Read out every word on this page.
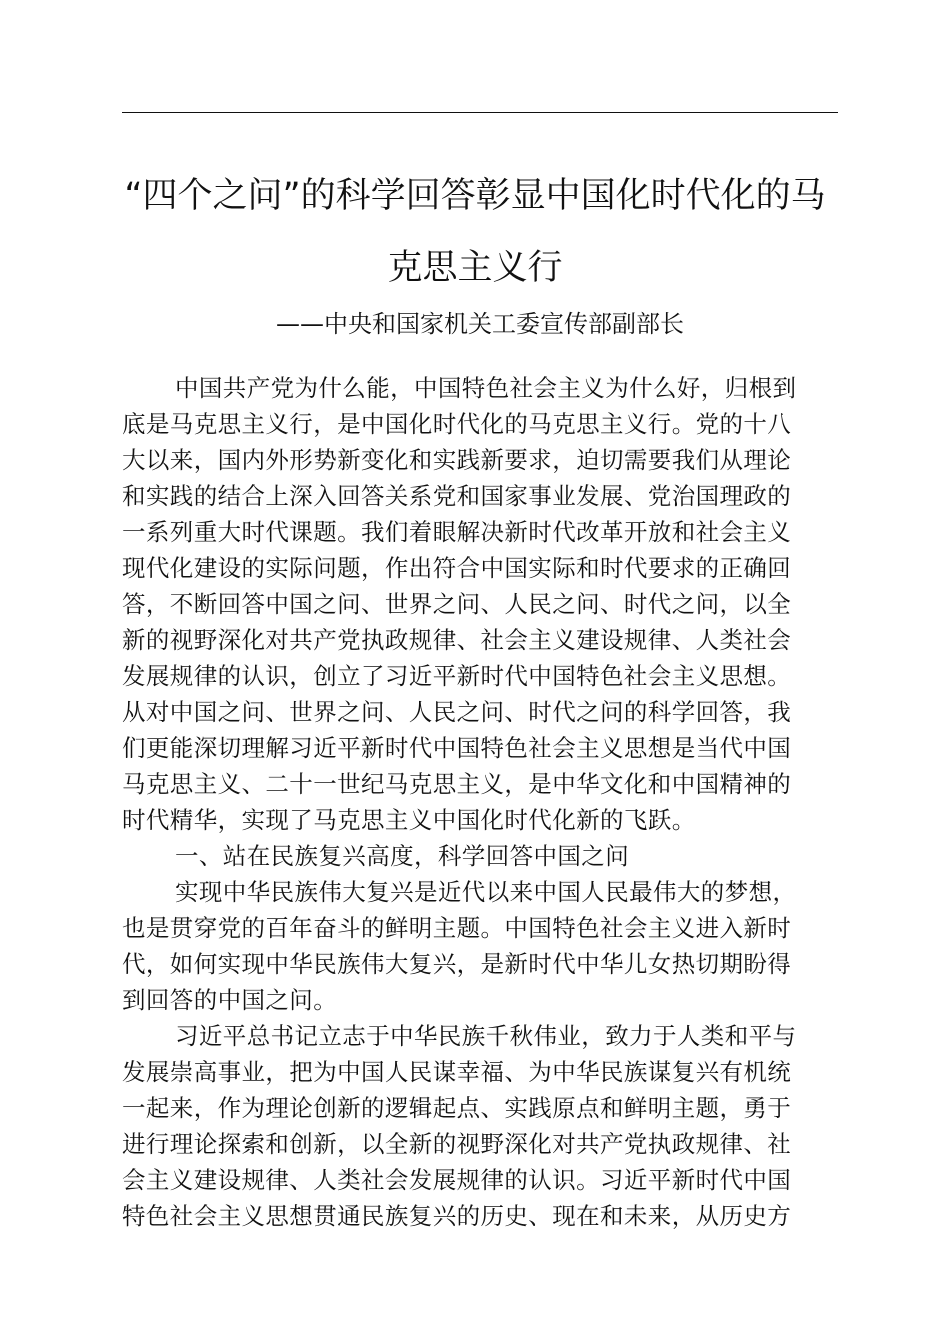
“四个之问”的科学回答彰显中国化时代化的马
克思主义行
——中央和国家机关工委宣传部副部长
中国共产党为什么能，中国特色社会主义为什么好，归根到
底是马克思主义行，是中国化时代化的马克思主义行。党的十八
大以来，国内外形势新变化和实践新要求，迫切需要我们从理论
和实践的结合上深入回答关系党和国家事业发展、党治国理政的
一系列重大时代课题。我们着眼解决新时代改革开放和社会主义
现代化建设的实际问题，作出符合中国实际和时代要求的正确回
答，不断回答中国之问、世界之问、人民之问、时代之问，以全
新的视野深化对共产党执政规律、社会主义建设规律、人类社会
发展规律的认识，创立了习近平新时代中国特色社会主义思想。
从对中国之问、世界之问、人民之问、时代之问的科学回答，我
们更能深切理解习近平新时代中国特色社会主义思想是当代中国
马克思主义、二十一世纪马克思主义，是中华文化和中国精神的
时代精华，实现了马克思主义中国化时代化新的飞跃。
一、站在民族复兴高度，科学回答中国之问
实现中华民族伟大复兴是近代以来中国人民最伟大的梦想，
也是贯穿党的百年奋斗的鲜明主题。中国特色社会主义进入新时
代，如何实现中华民族伟大复兴，是新时代中华儿女热切期盼得
到回答的中国之问。
习近平总书记立志于中华民族千秋伟业，致力于人类和平与
发展崇高事业，把为中国人民谋幸福、为中华民族谋复兴有机统
一起来，作为理论创新的逻辑起点、实践原点和鲜明主题，勇于
进行理论探索和创新，以全新的视野深化对共产党执政规律、社
会主义建设规律、人类社会发展规律的认识。习近平新时代中国
特色社会主义思想贯通民族复兴的历史、现在和未来，从历史方
